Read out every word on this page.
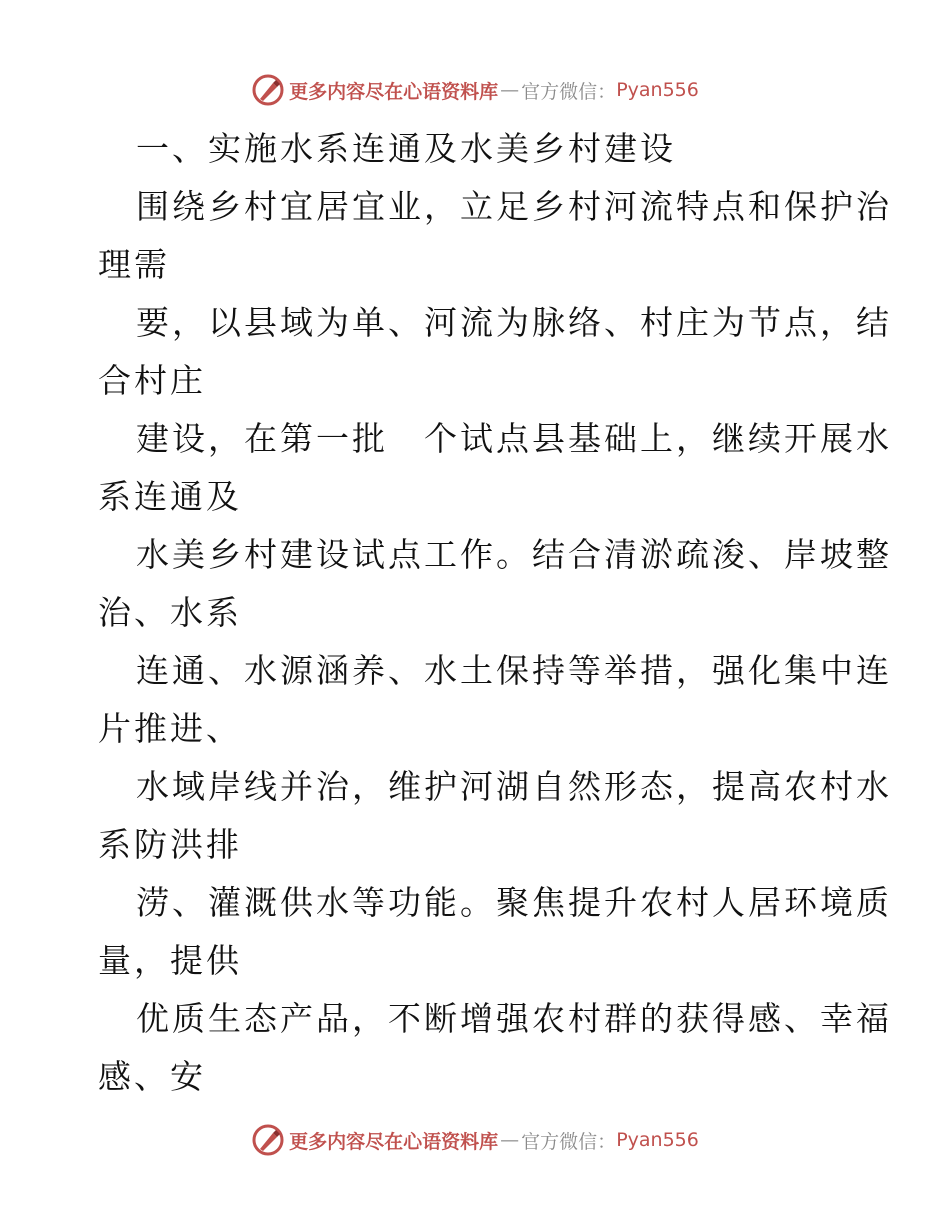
更多内容尽在心语资料库 — 官方微信： Pyan556

一、实施水系连通及水美乡村建设

围绕乡村宜居宜业，立足乡村河流特点和保护治

理需

要，以县域为单、河流为脉络、村庄为节点，结

合村庄

建设，在第一批　个试点县基础上，继续开展水

系连通及

水美乡村建设试点工作。结合清淤疏浚、岸坡整

治、水系

连通、水源涵养、水土保持等举措，强化集中连

片推进、

水域岸线并治，维护河湖自然形态，提高农村水

系防洪排

涝、灌溉供水等功能。聚焦提升农村人居环境质

量，提供

优质生态产品，不断增强农村群的获得感、幸福

感、安

更多内容尽在心语资料库 — 官方微信： Pyan556
